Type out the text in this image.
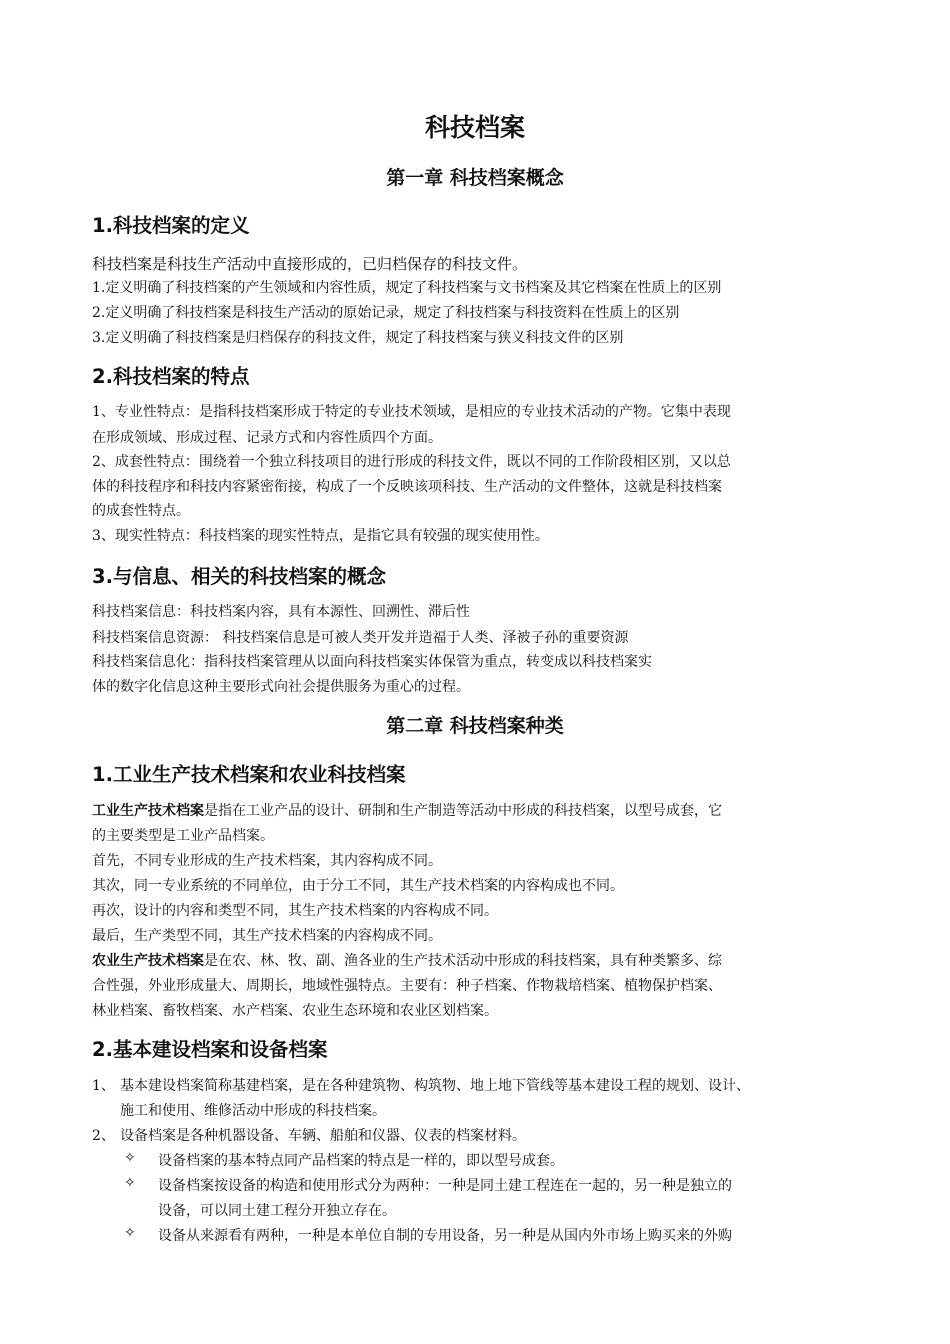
科技档案
第一章 科技档案概念
1.科技档案的定义
科技档案是科技生产活动中直接形成的，已归档保存的科技文件。
1.定义明确了科技档案的产生领域和内容性质，规定了科技档案与文书档案及其它档案在性质上的区别
2.定义明确了科技档案是科技生产活动的原始记录，规定了科技档案与科技资料在性质上的区别
3.定义明确了科技档案是归档保存的科技文件，规定了科技档案与狭义科技文件的区别
2.科技档案的特点
1、专业性特点：是指科技档案形成于特定的专业技术领域，是相应的专业技术活动的产物。它集中表现
在形成领域、形成过程、记录方式和内容性质四个方面。
2、成套性特点：围绕着一个独立科技项目的进行形成的科技文件，既以不同的工作阶段相区别，又以总
体的科技程序和科技内容紧密衔接，构成了一个反映该项科技、生产活动的文件整体，这就是科技档案
的成套性特点。
3、现实性特点：科技档案的现实性特点，是指它具有较强的现实使用性。
3.与信息、相关的科技档案的概念
科技档案信息：科技档案内容，具有本源性、回溯性、滞后性
科技档案信息资源： 科技档案信息是可被人类开发并造福于人类、泽被子孙的重要资源
科技档案信息化：指科技档案管理从以面向科技档案实体保管为重点，转变成以科技档案实
体的数字化信息这种主要形式向社会提供服务为重心的过程。
第二章 科技档案种类
1.工业生产技术档案和农业科技档案
工业生产技术档案是指在工业产品的设计、研制和生产制造等活动中形成的科技档案，以型号成套，它
的主要类型是工业产品档案。
首先，不同专业形成的生产技术档案，其内容构成不同。
其次，同一专业系统的不同单位，由于分工不同，其生产技术档案的内容构成也不同。
再次，设计的内容和类型不同，其生产技术档案的内容构成不同。
最后，生产类型不同，其生产技术档案的内容构成不同。
农业生产技术档案是在农、林、牧、副、渔各业的生产技术活动中形成的科技档案，具有种类繁多、综
合性强，外业形成量大、周期长，地域性强特点。主要有：种子档案、作物栽培档案、植物保护档案、
林业档案、畜牧档案、水产档案、农业生态环境和农业区划档案。
2.基本建设档案和设备档案
1、 基本建设档案简称基建档案，是在各种建筑物、构筑物、地上地下管线等基本建设工程的规划、设计、
施工和使用、维修活动中形成的科技档案。
2、 设备档案是各种机器设备、车辆、船舶和仪器、仪表的档案材料。
✧ 设备档案的基本特点同产品档案的特点是一样的，即以型号成套。
✧ 设备档案按设备的构造和使用形式分为两种：一种是同土建工程连在一起的，另一种是独立的
设备，可以同土建工程分开独立存在。
✧ 设备从来源看有两种，一种是本单位自制的专用设备，另一种是从国内外市场上购买来的外购
